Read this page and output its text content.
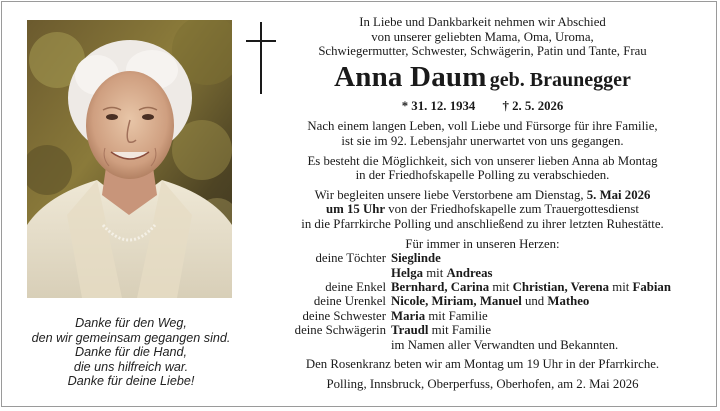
Danke für den Weg,
den wir gemeinsam gegangen sind.
Danke für die Hand,
die uns hilfreich war.
Danke für deine Liebe!
In Liebe und Dankbarkeit nehmen wir Abschied
von unserer geliebten Mama, Oma, Uroma,
Schwiegermutter, Schwester, Schwägerin, Patin und Tante, Frau
Anna Daum geb. Braunegger
* 31. 12. 1934 † 2. 5. 2026
Nach einem langen Leben, voll Liebe und Fürsorge für ihre Familie,
ist sie im 92. Lebensjahr unerwartet von uns gegangen.
Es besteht die Möglichkeit, sich von unserer lieben Anna ab Montag
in der Friedhofskapelle Polling zu verabschieden.
Wir begleiten unsere liebe Verstorbene am Dienstag, 5. Mai 2026
um 15 Uhr von der Friedhofskapelle zum Trauergottesdienst
in die Pfarrkirche Polling und anschließend zu ihrer letzten Ruhestätte.
Für immer in unseren Herzen:
deine Töchter Sieglinde
Helga mit Andreas
deine Enkel Bernhard, Carina mit Christian, Verena mit Fabian
deine Urenkel Nicole, Miriam, Manuel und Matheo
deine Schwester Maria mit Familie
deine Schwägerin Traudl mit Familie
im Namen aller Verwandten und Bekannten.
Den Rosenkranz beten wir am Montag um 19 Uhr in der Pfarrkirche.
Polling, Innsbruck, Oberperfuss, Oberhofen, am 2. Mai 2026
